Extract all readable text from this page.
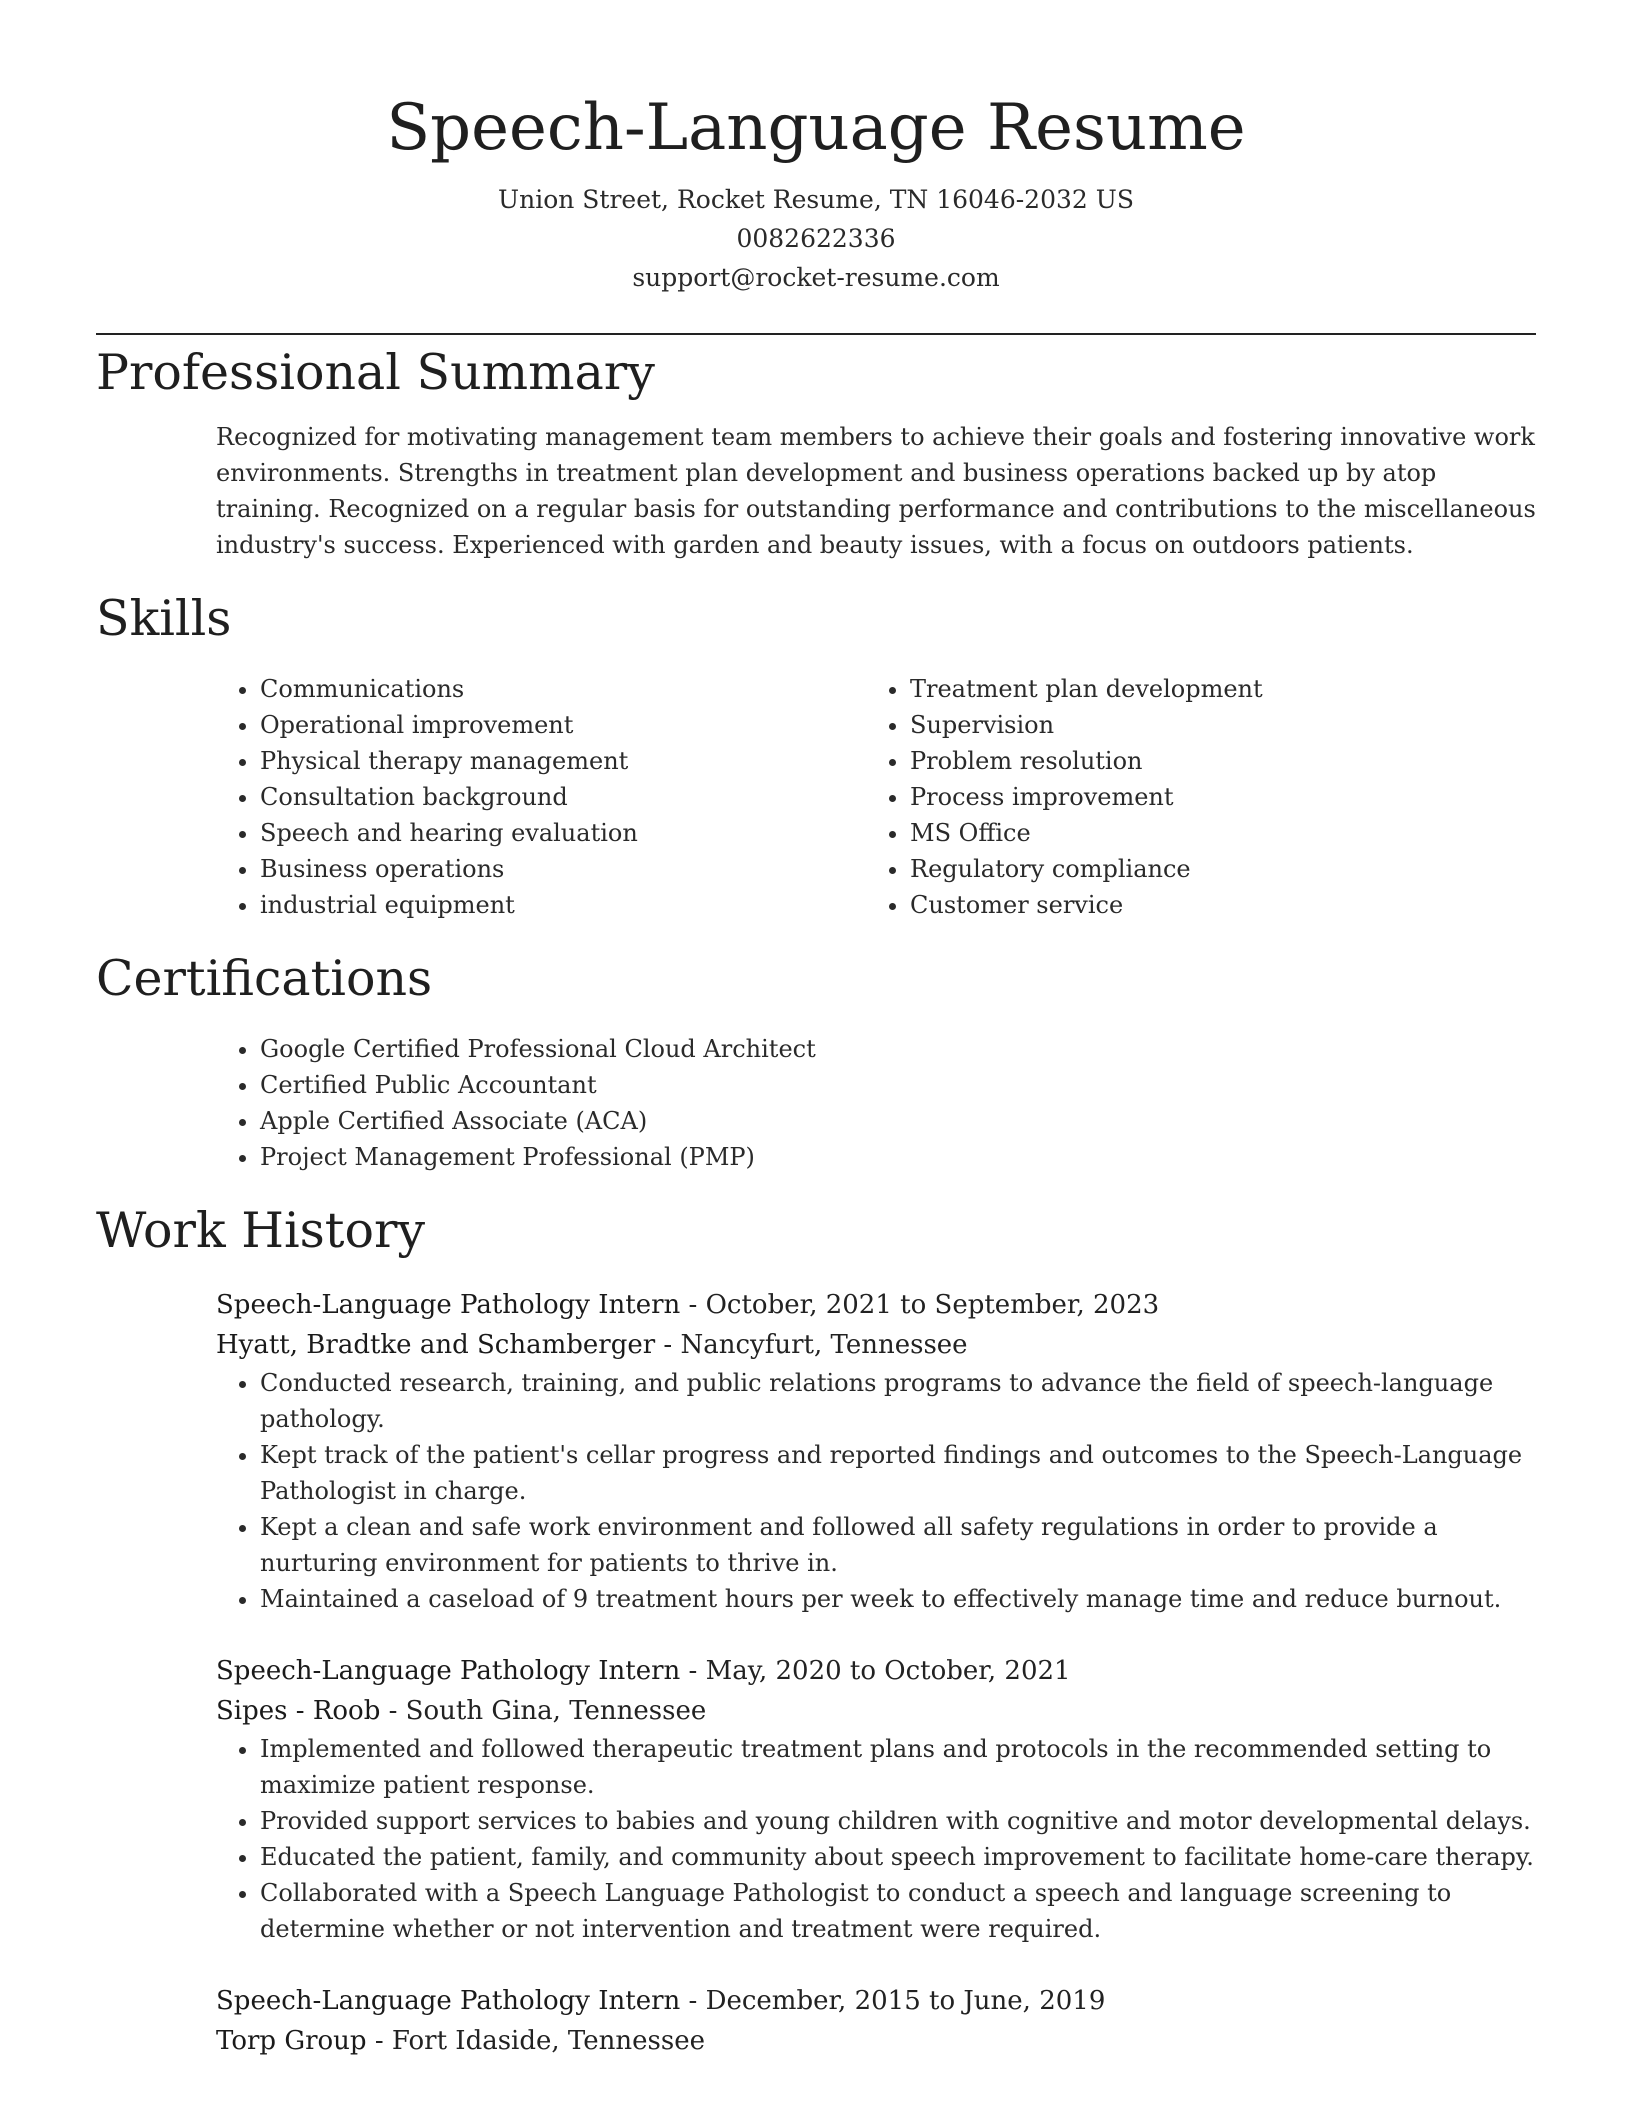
Speech-Language Resume
Union Street, Rocket Resume, TN 16046-2032 US
0082622336
support@rocket-resume.com
Professional Summary
Recognized for motivating management team members to achieve their goals and fostering innovative work environments. Strengths in treatment plan development and business operations backed up by atop training. Recognized on a regular basis for outstanding performance and contributions to the miscellaneous industry's success. Experienced with garden and beauty issues, with a focus on outdoors patients.
Skills
• Communications
• Operational improvement
• Physical therapy management
• Consultation background
• Speech and hearing evaluation
• Business operations
• industrial equipment
• Treatment plan development
• Supervision
• Problem resolution
• Process improvement
• MS Office
• Regulatory compliance
• Customer service
Certifications
• Google Certified Professional Cloud Architect
• Certified Public Accountant
• Apple Certified Associate (ACA)
• Project Management Professional (PMP)
Work History
Speech-Language Pathology Intern - October, 2021 to September, 2023
Hyatt, Bradtke and Schamberger - Nancyfurt, Tennessee
• Conducted research, training, and public relations programs to advance the field of speech-language pathology.
• Kept track of the patient's cellar progress and reported findings and outcomes to the Speech-Language Pathologist in charge.
• Kept a clean and safe work environment and followed all safety regulations in order to provide a nurturing environment for patients to thrive in.
• Maintained a caseload of 9 treatment hours per week to effectively manage time and reduce burnout.
Speech-Language Pathology Intern - May, 2020 to October, 2021
Sipes - Roob - South Gina, Tennessee
• Implemented and followed therapeutic treatment plans and protocols in the recommended setting to maximize patient response.
• Provided support services to babies and young children with cognitive and motor developmental delays.
• Educated the patient, family, and community about speech improvement to facilitate home-care therapy.
• Collaborated with a Speech Language Pathologist to conduct a speech and language screening to determine whether or not intervention and treatment were required.
Speech-Language Pathology Intern - December, 2015 to June, 2019
Torp Group - Fort Idaside, Tennessee
